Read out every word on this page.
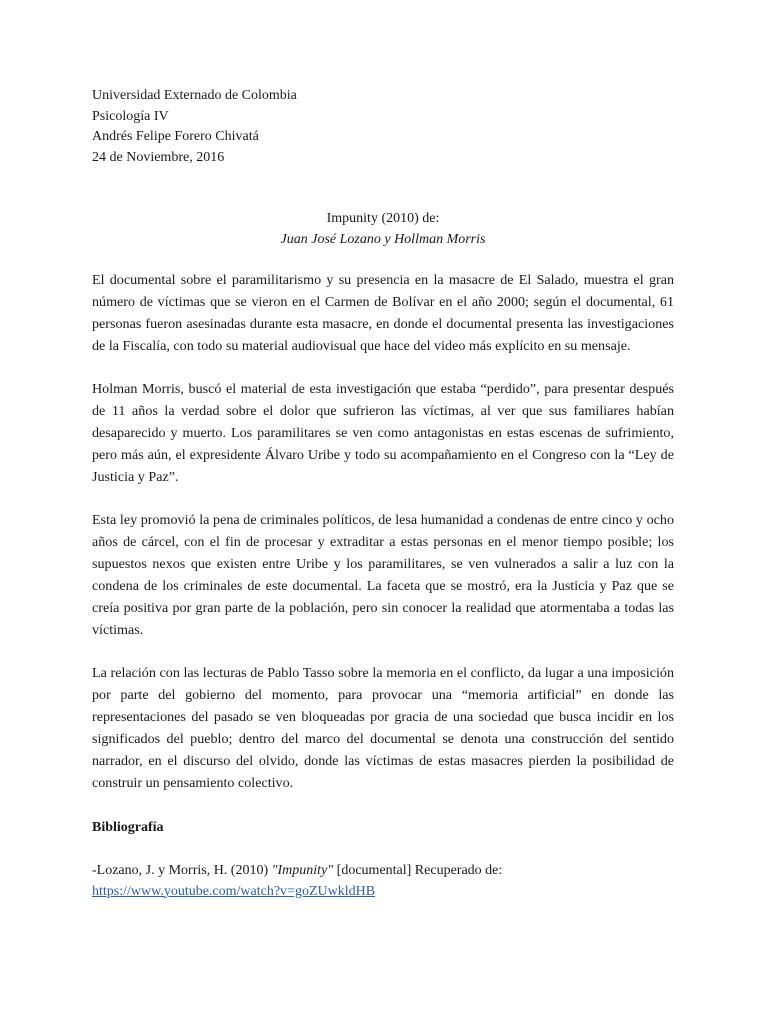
Universidad Externado de Colombia
Psicología IV
Andrés Felipe Forero Chivatá
24 de Noviembre, 2016
Impunity (2010) de:
Juan José Lozano y Hollman Morris

El documental sobre el paramilitarismo y su presencia en la masacre de El Salado, muestra el gran número de víctimas que se vieron en el Carmen de Bolívar en el año 2000; según el documental, 61 personas fueron asesinadas durante esta masacre, en donde el documental presenta las investigaciones de la Fiscalía, con todo su material audiovisual que hace del video más explícito en su mensaje.

Holman Morris, buscó el material de esta investigación que estaba “perdido”, para presentar después de 11 años la verdad sobre el dolor que sufrieron las víctimas, al ver que sus familiares habían desaparecido y muerto. Los paramilitares se ven como antagonistas en estas escenas de sufrimiento, pero más aún, el expresidente Álvaro Uribe y todo su acompañamiento en el Congreso con la “Ley de Justicia y Paz”.

Esta ley promovió la pena de criminales políticos, de lesa humanidad a condenas de entre cinco y ocho años de cárcel, con el fin de procesar y extraditar a estas personas en el menor tiempo posible; los supuestos nexos que existen entre Uribe y los paramilitares, se ven vulnerados a salir a luz con la condena de los criminales de este documental. La faceta que se mostró, era la Justicia y Paz que se creía positiva por gran parte de la población, pero sin conocer la realidad que atormentaba a todas las víctimas.

La relación con las lecturas de Pablo Tasso sobre la memoria en el conflicto, da lugar a una imposición por parte del gobierno del momento, para provocar una “memoria artificial” en donde las representaciones del pasado se ven bloqueadas por gracia de una sociedad que busca incidir en los significados del pueblo; dentro del marco del documental se denota una construcción del sentido narrador, en el discurso del olvido, donde las víctimas de estas masacres pierden la posibilidad de construir un pensamiento colectivo.

Bibliografía
-Lozano, J. y Morris, H. (2010) "Impunity" [documental] Recuperado de:
https://www.youtube.com/watch?v=goZUwkldHB
